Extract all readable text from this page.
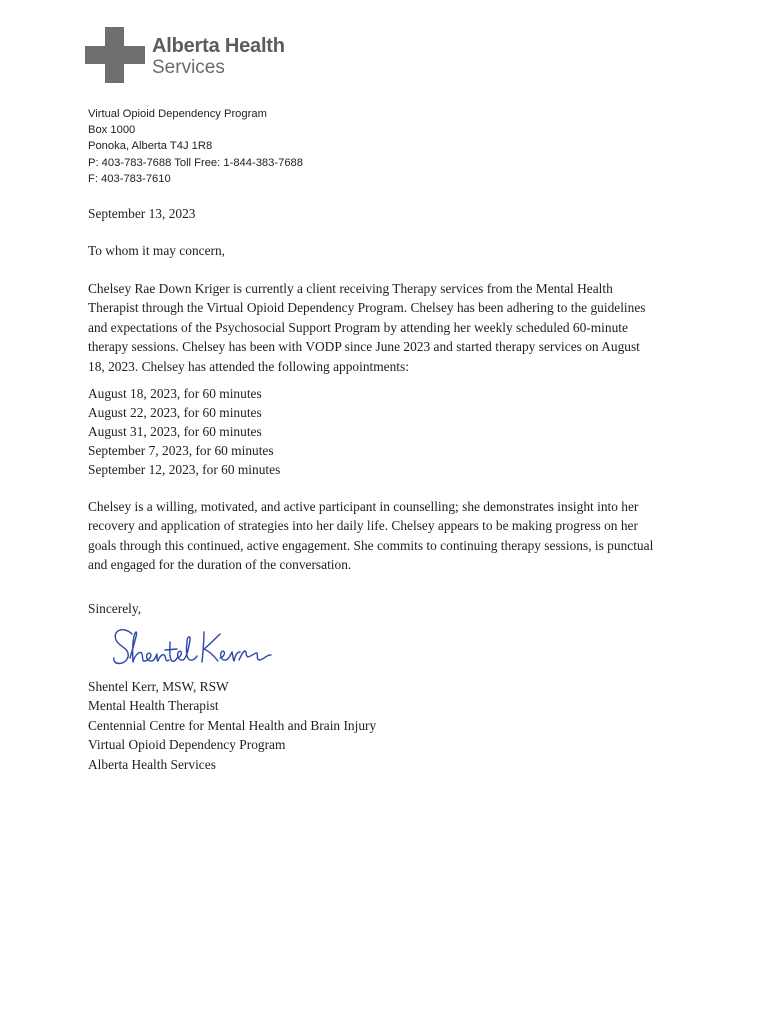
Alberta Health
Services
Virtual Opioid Dependency Program
Box 1000
Ponoka, Alberta T4J 1R8
P: 403-783-7688 Toll Free: 1-844-383-7688
F: 403-783-7610
September 13, 2023
To whom it may concern,
Chelsey Rae Down Kriger is currently a client receiving Therapy services from the Mental Health
Therapist through the Virtual Opioid Dependency Program. Chelsey has been adhering to the guidelines
and expectations of the Psychosocial Support Program by attending her weekly scheduled 60-minute
therapy sessions. Chelsey has been with VODP since June 2023 and started therapy services on August
18, 2023. Chelsey has attended the following appointments:
August 18, 2023, for 60 minutes
August 22, 2023, for 60 minutes
August 31, 2023, for 60 minutes
September 7, 2023, for 60 minutes
September 12, 2023, for 60 minutes
Chelsey is a willing, motivated, and active participant in counselling; she demonstrates insight into her
recovery and application of strategies into her daily life. Chelsey appears to be making progress on her
goals through this continued, active engagement. She commits to continuing therapy sessions, is punctual
and engaged for the duration of the conversation.
Sincerely,
Shentel Kerr, MSW, RSW
Mental Health Therapist
Centennial Centre for Mental Health and Brain Injury
Virtual Opioid Dependency Program
Alberta Health Services
